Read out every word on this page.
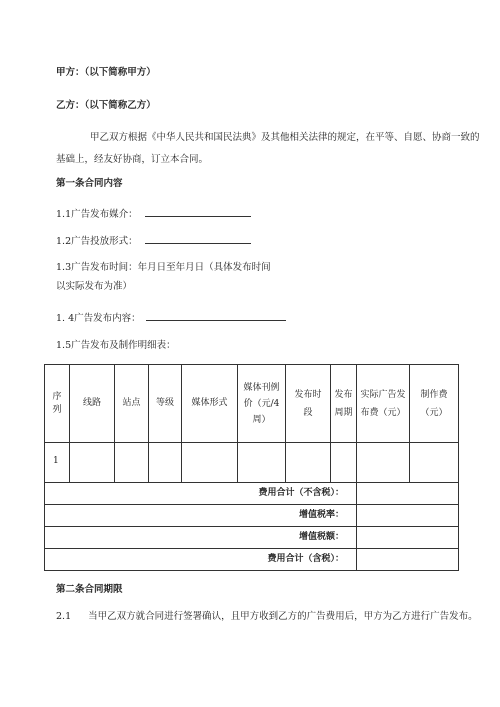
甲方：（以下简称甲方）
乙方：（以下简称乙方）
甲乙双方根据《中华人民共和国民法典》及其他相关法律的规定，在平等、自愿、协商一致的
基础上，经友好协商，订立本合同。
第一条合同内容
1.1广告发布媒介：
1.2广告投放形式：
1.3广告发布时间：年月日至年月日（具体发布时间
以实际发布为准）
1. 4广告发布内容：
1.5广告发布及制作明细表：
序列	线路	站点	等级	媒体形式	媒体刊例价（元/4周）	发布时段	发布周期	实际广告发布费（元）	制作费（元）
1									
费用合计（不含税）：									
增值税率：									
增值税额：									
费用合计（含税）：									
第二条合同期限
2.1 当甲乙双方就合同进行签署确认，且甲方收到乙方的广告费用后，甲方为乙方进行广告发布。
